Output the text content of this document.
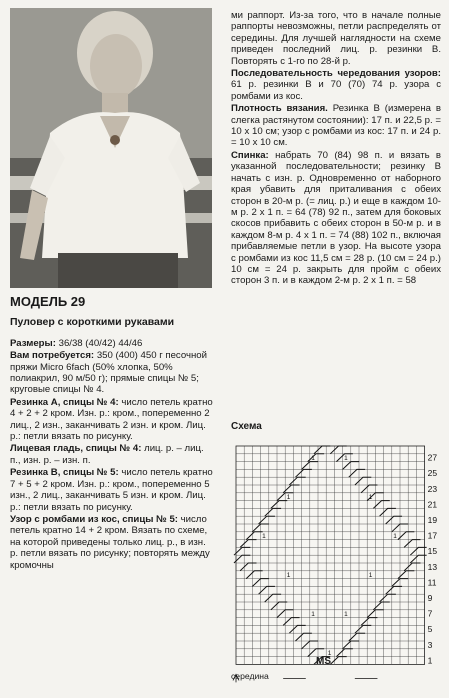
МОДЕЛЬ 29
Пуловер с короткими рукавами

Размеры: 36/38 (40/42) 44/46

Вам потребуется: 350 (400) 450 г песочной пряжи Micro 6fach (50% хлопка, 50% полиакрил, 90 м/50 г); прямые спицы № 5; круговые спицы № 4.

Резинка А, спицы № 4: число петель кратно 4 + 2 + 2 кром. Изн. р.: кром., попеременно 2 лиц., 2 изн., заканчивать 2 изн. и кром. Лиц. р.: петли вязать по рисунку.

Лицевая гладь, спицы № 4: лиц. р. – лиц. п., изн. р. – изн. п.

Резинка В, спицы № 5: число петель кратно 7 + 5 + 2 кром. Изн. р.: кром., попеременно 5 изн., 2 лиц., заканчивать 5 изн. и кром. Лиц. р.: петли вязать по рисунку.

Узор с ромбами из кос, спицы № 5: число петель кратно 14 + 2 кром. Вязать по схеме, на которой приведены только лиц. р., в изн. р. петли вязать по рисунку; повторять между кромочны

ми раппорт. Из-за того, что в начале полные раппорты невозможны, петли распределять от середины. Для лучшей наглядности на схеме приведен последний лиц. р. резинки В. Повторять с 1-го по 28-й р.

Последовательность чередования узоров: 61 р. резинки В и 70 (70) 74 р. узора с ромбами из кос.

Плотность вязания. Резинка В (измерена в слегка растянутом состоянии): 17 п. и 22,5 р. = 10 х 10 см; узор с ромбами из кос: 17 п. и 24 р. = 10 х 10 см.

Спинка: набрать 70 (84) 98 п. и вязать в указанной последовательности; резинку В начать с изн. р. Одновременно от наборного края убавить для приталивания с обеих сторон в 20-м р. (= лиц. р.) и еще в каждом 10-м р. 2 х 1 п. = 64 (78) 92 п., затем для боковых скосов прибавить с обеих сторон в 50-м р. и в каждом 8-м р. 4 х 1 п. = 74 (88) 102 п., включая прибавляемые петли в узор. На высоте узора с ромбами из кос 11,5 см = 28 р. (10 см = 24 р.) 10 см = 24 р. закрыть для пройм с обеих сторон 3 п. и в каждом 2-м р. 2 х 1 п. = 58

Схема
1	1
1	1
1	1
1	1
1	1
1
27
25
23
21
19
17
15
13
11
9
7
5
3
1
MS
середина
